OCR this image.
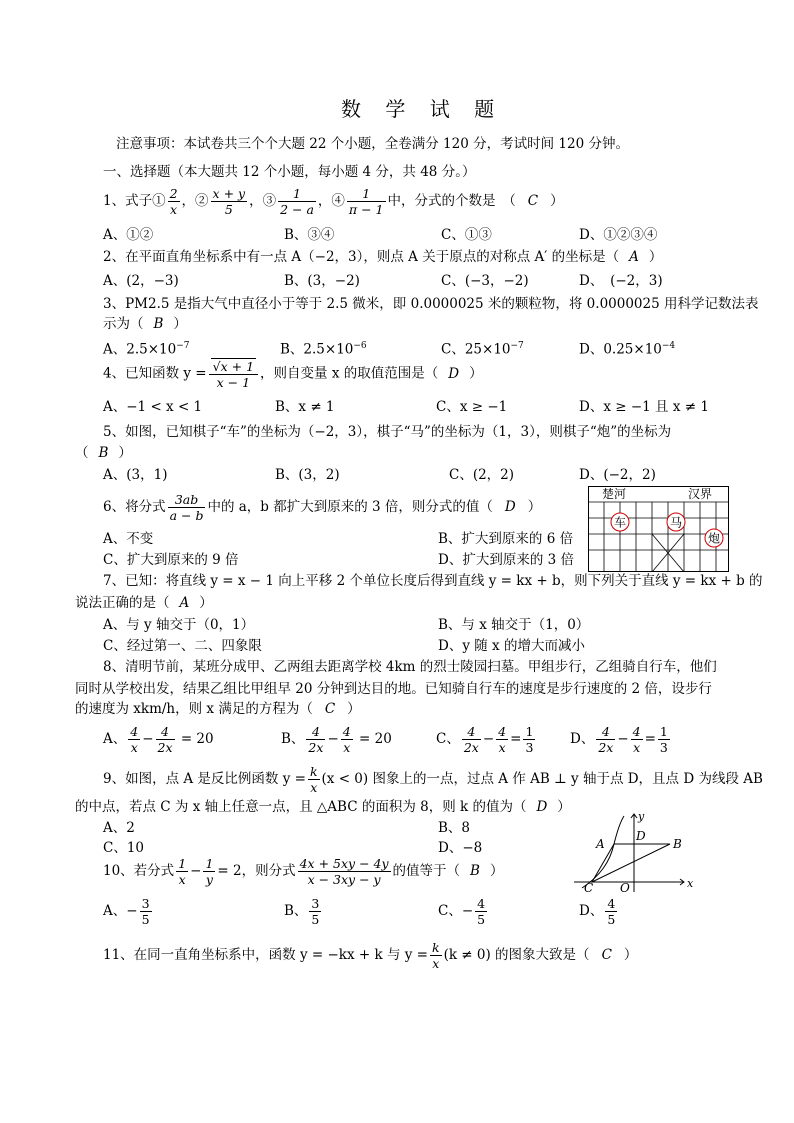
数 学 试 题
注意事项：本试卷共三个个大题 22 个小题，全卷满分 120 分，考试时间 120 分钟。
一、选择题（本大题共 12 个小题，每小题 4 分，共 48 分。）
1、式子① $\frac{2}{x}$ ，② $\frac{x + y}{5}$ ，③ $\frac{1}{2 - a}$ ，④ $\frac{1}{\pi - 1}$ 中，分式的个数是　（ C ）
A、①②	B、③④	C、①③	D、①②③④
2、在平面直角坐标系中有一点 A（−2，3），则点 A 关于原点的对称点 A′ 的坐标是（ A ）
A、(2，−3)	B、(3，−2)	C、(−3，−2)	D、　(−2，3)
3、PM2.5 是指大气中直径小于等于 2.5 微米，即 0.0000025 米的颗粒物，将 0.0000025 用科学记数法表
示为（ B ）
A、$2.5\times 10^{-7}$	B、$2.5\times 10^{-6}$	C、$25\times 10^{-7}$	D、$0.25\times 10^{-4}$
4、已知函数 $y = \frac{√x + 1}{x - 1}$ ，则自变量 x 的取值范围是（ D ）
A、−1 < x < 1	B、x ≠ 1	C、x ≥ −1	D、x ≥ −1 且 x ≠ 1
5、如图，已知棋子“车”的坐标为（−2，3），棋子“马”的坐标为（1，3），则棋子“炮”的坐标为
（ B ）
A、(3，1)	B、(3，2)	C、(2，2)	D、(−2，2)
6、将分式 $\frac{3ab}{a - b}$ 中的 a，b 都扩大到原来的 3 倍，则分式的值（ D ）
A、不变	B、扩大到原来的 6 倍
C、扩大到原来的 9 倍	D、扩大到原来的 3 倍
楚河	汉界
车	马
炮
7、已知：将直线 y = x − 1 向上平移 2 个单位长度后得到直线 y = kx + b，则下列关于直线 y = kx + b 的
说法正确的是（ A ）
A、与 y 轴交于（0，1）	B、与 x 轴交于（1，0）
C、经过第一、二、四象限	D、y 随 x 的增大而减小
8、清明节前，某班分成甲、乙两组去距离学校 4km 的烈士陵园扫墓。甲组步行，乙组骑自行车，他们
同时从学校出发，结果乙组比甲组早 20 分钟到达目的地。已知骑自行车的速度是步行速度的 2 倍，设步行
的速度为 xkm/h，则 x 满足的方程为（ C ）
A、 $\frac{4}{x} - \frac{4}{2x} = 20$	B、 $\frac{4}{2x} - \frac{4}{x} = 20$	C、 $\frac{4}{2x} - \frac{4}{x} = \frac{1}{3}$	D、 $\frac{4}{2x} - \frac{4}{x} = \frac{1}{3}$
9、如图，点 A 是反比例函数 $y = \frac{k}{x} (x < 0)$ 图象上的一点，过点 A 作 AB ⊥ y 轴于点 D，且点 D 为线段 AB
的中点，若点 C 为 x 轴上任意一点，且 △ABC 的面积为 8，则 k 的值为（ D ）
A、2	B、8
C、10	D、−8	A	B
C
D
O	x
y
10、若分式 $\frac{1}{x} - \frac{1}{y} = 2$，则分式 $\frac{4x + 5xy - 4y}{x - 3xy - y}$ 的值等于（ B ）
A、− $\frac{3}{5}$	B、 $\frac{3}{5}$	C、− $\frac{4}{5}$	D、 $\frac{4}{5}$
11、在同一直角坐标系中，函数 y = −kx + k 与 $y = \frac{k}{x} (k \ne 0)$ 的图象大致是（ C ）
